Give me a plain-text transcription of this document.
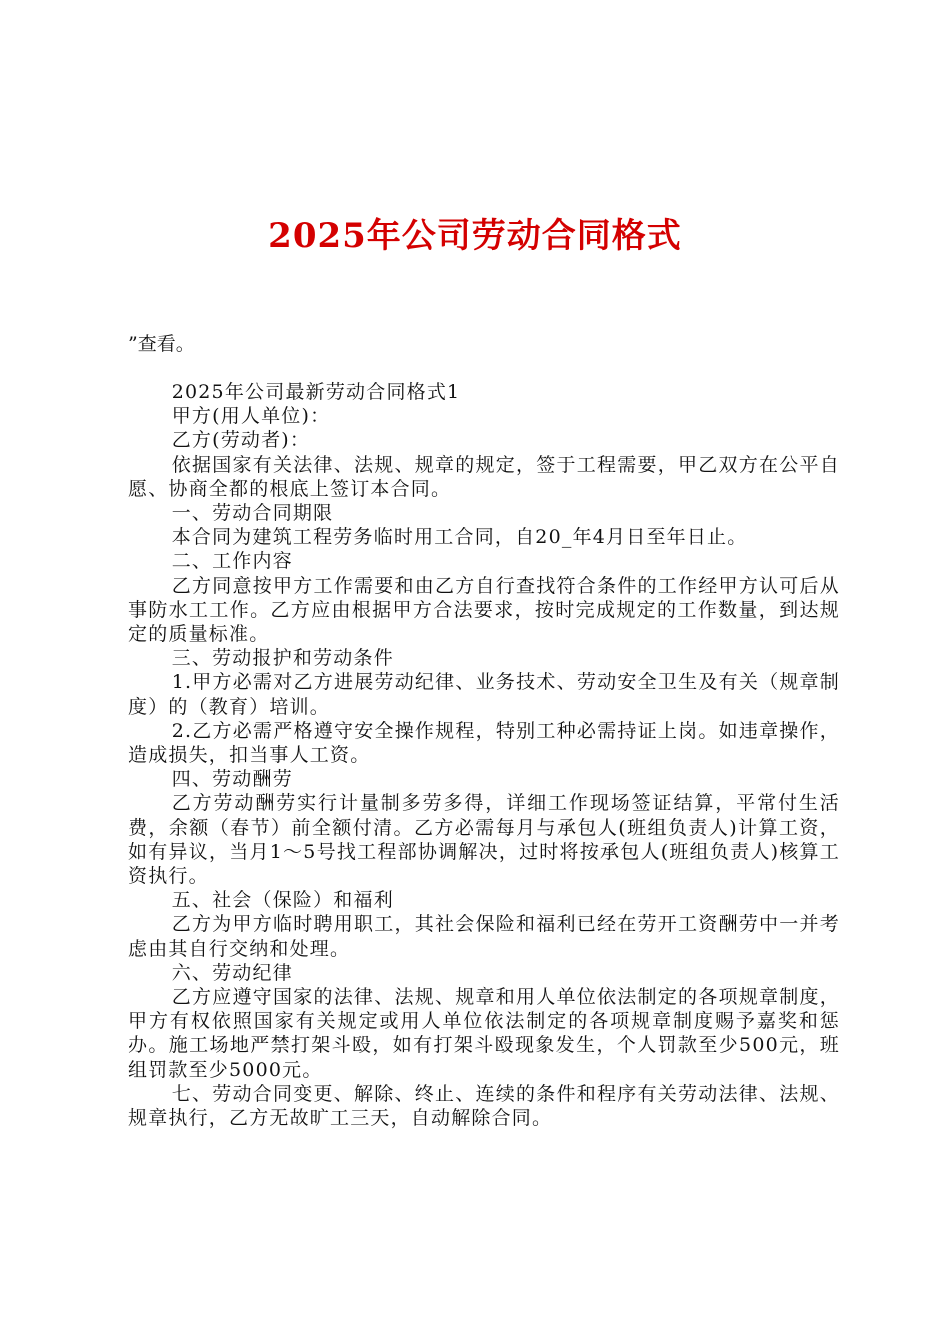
2025年公司劳动合同格式

”查看。

2025年公司最新劳动合同格式1

甲方(用人单位)：

乙方(劳动者)：

依据国家有关法律、法规、规章的规定，签于工程需要，甲乙双方在公平自愿、协商全都的根底上签订本合同。

一、劳动合同期限

本合同为建筑工程劳务临时用工合同，自20_年4月日至年日止。

二、工作内容

乙方同意按甲方工作需要和由乙方自行查找符合条件的工作经甲方认可后从事防水工工作。乙方应由根据甲方合法要求，按时完成规定的工作数量，到达规定的质量标准。

三、劳动报护和劳动条件

1.甲方必需对乙方进展劳动纪律、业务技术、劳动安全卫生及有关（规章制度）的（教育）培训。

2.乙方必需严格遵守安全操作规程，特别工种必需持证上岗。如违章操作，造成损失，扣当事人工资。

四、劳动酬劳

乙方劳动酬劳实行计量制多劳多得，详细工作现场签证结算，平常付生活费，余额（春节）前全额付清。乙方必需每月与承包人(班组负责人)计算工资，如有异议，当月1～5号找工程部协调解决，过时将按承包人(班组负责人)核算工资执行。

五、社会（保险）和福利

乙方为甲方临时聘用职工，其社会保险和福利已经在劳开工资酬劳中一并考虑由其自行交纳和处理。

六、劳动纪律

乙方应遵守国家的法律、法规、规章和用人单位依法制定的各项规章制度，甲方有权依照国家有关规定或用人单位依法制定的各项规章制度赐予嘉奖和惩办。施工场地严禁打架斗殴，如有打架斗殴现象发生，个人罚款至少500元，班组罚款至少5000元。

七、劳动合同变更、解除、终止、连续的条件和程序有关劳动法律、法规、规章执行，乙方无故旷工三天，自动解除合同。
